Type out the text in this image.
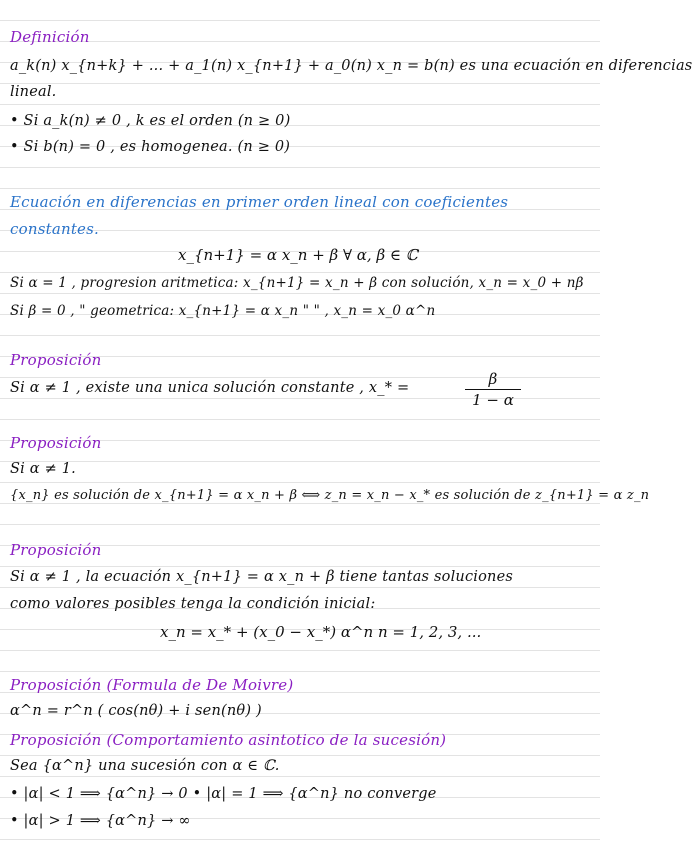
Definición
a_k(n) x_{n+k} + ... + a_1(n) x_{n+1} + a_0(n) x_n = b(n) es una ecuación en diferencias
lineal.
• Si a_k(n) ≠ 0 , k es el orden (n ≥ 0)
• Si b(n) = 0 , es homogenea. (n ≥ 0)
Ecuación en diferencias en primer orden lineal con coeficientes
constantes.
x_{n+1} = α x_n + β ∀ α, β ∈ ℂ
Si α = 1 , progresion aritmetica: x_{n+1} = x_n + β con solución, x_n = x_0 + nβ
Si β = 0 , " geometrica: x_{n+1} = α x_n " " , x_n = x_0 α^n
Proposición
Si α ≠ 1 , existe una unica solución constante , x_* =	$\frac{\beta}{1 - \alpha}$
Proposición
Si α ≠ 1.
{x_n} es solución de x_{n+1} = α x_n + β ⟺ z_n = x_n − x_* es solución de z_{n+1} = α z_n
Proposición
Si α ≠ 1 , la ecuación x_{n+1} = α x_n + β tiene tantas soluciones
como valores posibles tenga la condición inicial:
x_n = x_* + (x_0 − x_*) α^n n = 1, 2, 3, ...
Proposición (Formula de De Moivre)
α^n = r^n ( cos(nθ) + i sen(nθ) )
Proposición (Comportamiento asintotico de la sucesión)
Sea {α^n} una sucesión con α ∈ ℂ.
• |α| < 1 ⟹ {α^n} → 0 • |α| = 1 ⟹ {α^n} no converge
• |α| > 1 ⟹ {α^n} → ∞
